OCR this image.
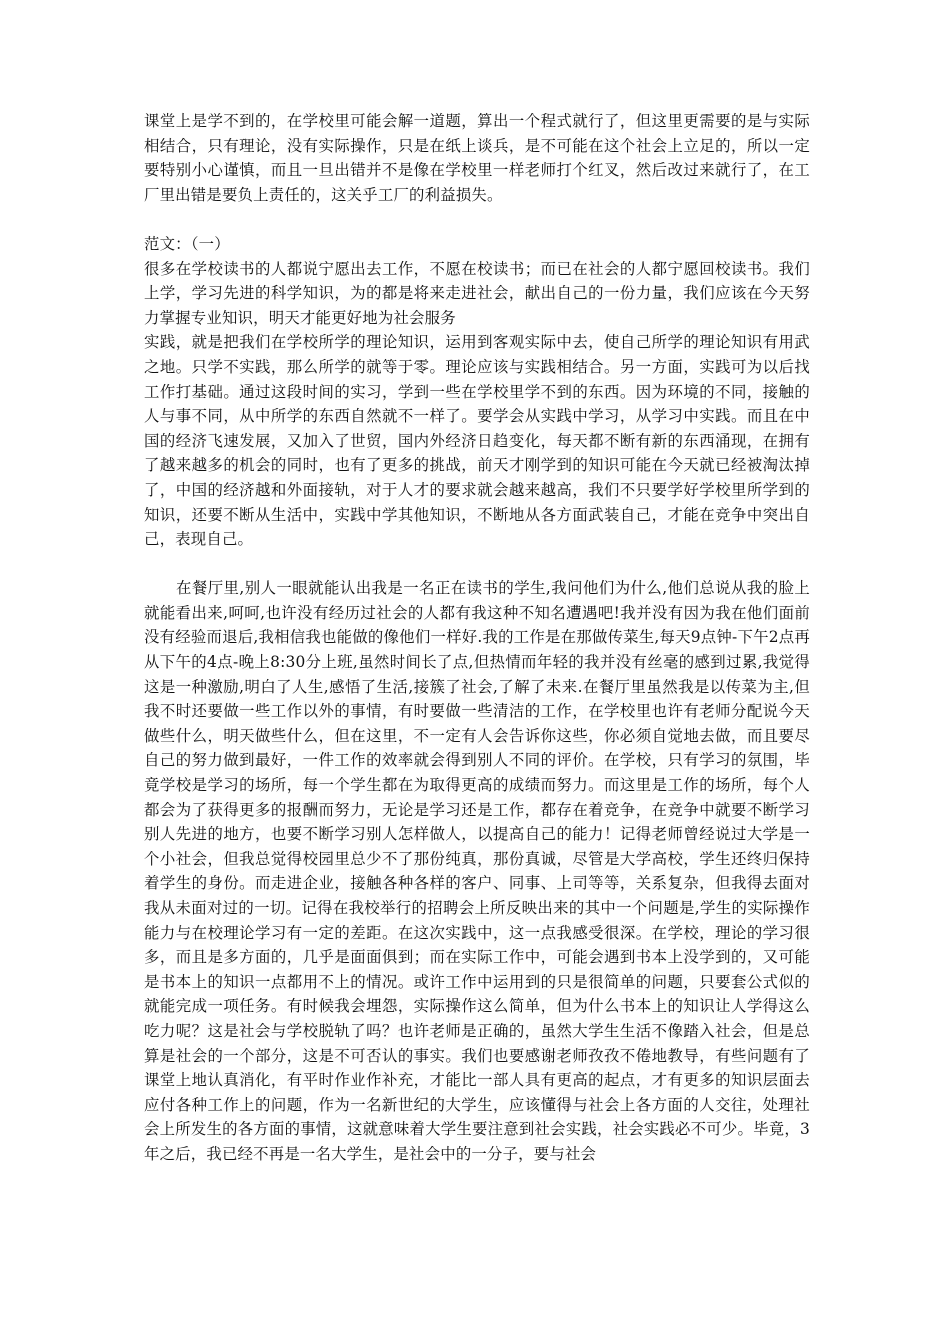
课堂上是学不到的，在学校里可能会解一道题，算出一个程式就行了，但这里更需要的是与实际相结合，只有理论，没有实际操作，只是在纸上谈兵，是不可能在这个社会上立足的，所以一定要特别小心谨慎，而且一旦出错并不是像在学校里一样老师打个红叉，然后改过来就行了，在工厂里出错是要负上责任的，这关乎工厂的利益损失。

范文：（一）

很多在学校读书的人都说宁愿出去工作，不愿在校读书；而已在社会的人都宁愿回校读书。我们上学，学习先进的科学知识，为的都是将来走进社会，献出自己的一份力量，我们应该在今天努力掌握专业知识，明天才能更好地为社会服务

实践，就是把我们在学校所学的理论知识，运用到客观实际中去，使自己所学的理论知识有用武之地。只学不实践，那么所学的就等于零。理论应该与实践相结合。另一方面，实践可为以后找工作打基础。通过这段时间的实习，学到一些在学校里学不到的东西。因为环境的不同，接触的人与事不同，从中所学的东西自然就不一样了。要学会从实践中学习，从学习中实践。而且在中国的经济飞速发展，又加入了世贸，国内外经济日趋变化，每天都不断有新的东西涌现，在拥有了越来越多的机会的同时，也有了更多的挑战，前天才刚学到的知识可能在今天就已经被淘汰掉了，中国的经济越和外面接轨，对于人才的要求就会越来越高，我们不只要学好学校里所学到的知识，还要不断从生活中，实践中学其他知识，不断地从各方面武装自己，才能在竞争中突出自己，表现自己。

在餐厅里,别人一眼就能认出我是一名正在读书的学生,我问他们为什么,他们总说从我的脸上就能看出来,呵呵,也许没有经历过社会的人都有我这种不知名遭遇吧!我并没有因为我在他们面前没有经验而退后,我相信我也能做的像他们一样好.我的工作是在那做传菜生,每天9点钟-下午2点再从下午的4点-晚上8:30分上班,虽然时间长了点,但热情而年轻的我并没有丝毫的感到过累,我觉得这是一种激励,明白了人生,感悟了生活,接簇了社会,了解了未来.在餐厅里虽然我是以传菜为主,但我不时还要做一些工作以外的事情，有时要做一些清洁的工作，在学校里也许有老师分配说今天做些什么，明天做些什么，但在这里，不一定有人会告诉你这些，你必须自觉地去做，而且要尽自己的努力做到最好，一件工作的效率就会得到别人不同的评价。在学校，只有学习的氛围，毕竟学校是学习的场所，每一个学生都在为取得更高的成绩而努力。而这里是工作的场所，每个人都会为了获得更多的报酬而努力，无论是学习还是工作，都存在着竞争，在竞争中就要不断学习别人先进的地方，也要不断学习别人怎样做人，以提高自己的能力！记得老师曾经说过大学是一个小社会，但我总觉得校园里总少不了那份纯真，那份真诚，尽管是大学高校，学生还终归保持着学生的身份。而走进企业，接触各种各样的客户、同事、上司等等，关系复杂，但我得去面对我从未面对过的一切。记得在我校举行的招聘会上所反映出来的其中一个问题是,学生的实际操作能力与在校理论学习有一定的差距。在这次实践中，这一点我感受很深。在学校，理论的学习很多，而且是多方面的，几乎是面面俱到；而在实际工作中，可能会遇到书本上没学到的，又可能是书本上的知识一点都用不上的情况。或许工作中运用到的只是很简单的问题，只要套公式似的就能完成一项任务。有时候我会埋怨，实际操作这么简单，但为什么书本上的知识让人学得这么吃力呢？这是社会与学校脱轨了吗？也许老师是正确的，虽然大学生生活不像踏入社会，但是总算是社会的一个部分，这是不可否认的事实。我们也要感谢老师孜孜不倦地教导，有些问题有了课堂上地认真消化，有平时作业作补充，才能比一部人具有更高的起点，才有更多的知识层面去应付各种工作上的问题，作为一名新世纪的大学生，应该懂得与社会上各方面的人交往，处理社会上所发生的各方面的事情，这就意味着大学生要注意到社会实践，社会实践必不可少。毕竟，3年之后，我已经不再是一名大学生，是社会中的一分子，要与社会
